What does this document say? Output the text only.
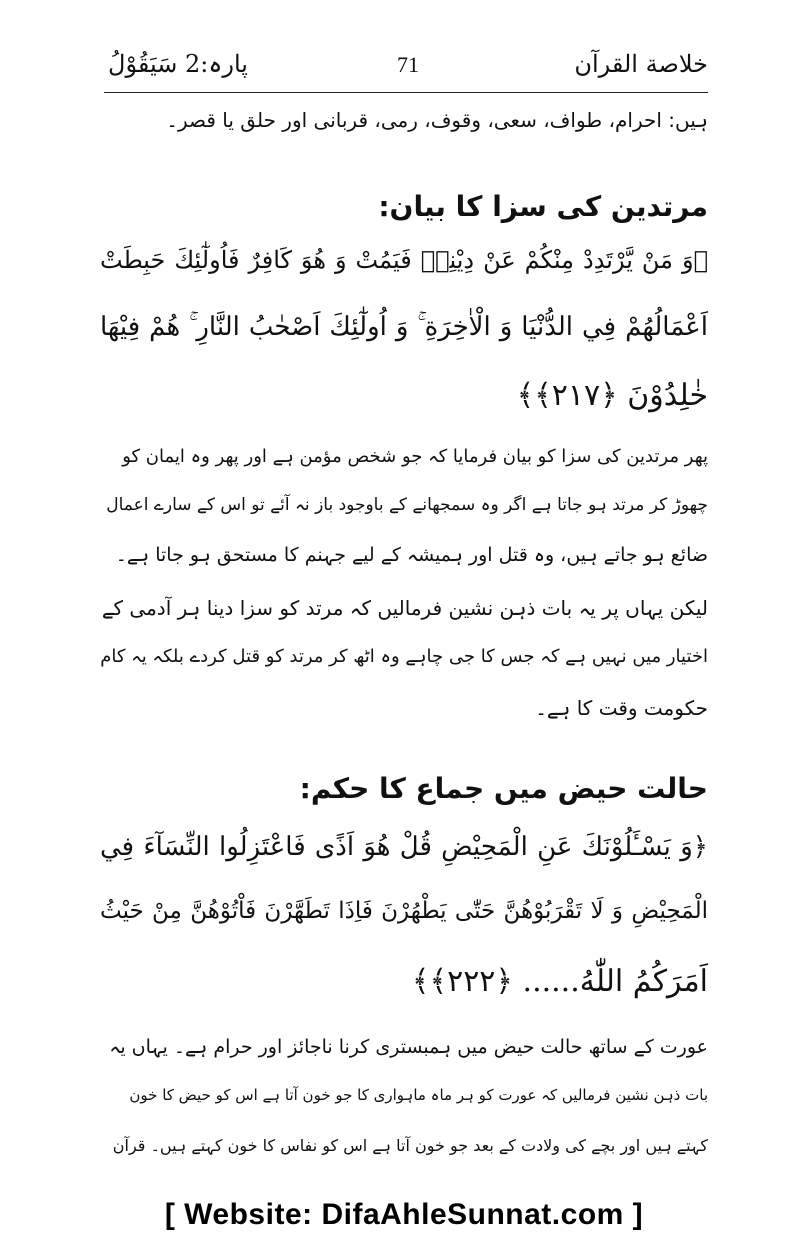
خلاصة القرآن
71
پارہ:2 سَيَقُوْلُ
ہیں: احرام، طواف، سعی، وقوف، رمی، قربانی اور حلق یا قصر۔
مرتدین کی سزا کا بیان:
﴿وَ مَنْ يَّرْتَدِدْ مِنْكُمْ عَنْ دِيْنِهٖ فَيَمُتْ وَ هُوَ كَافِرٌ فَاُولٰٓئِكَ حَبِطَتْ
اَعْمَالُهُمْ فِي الدُّنْيَا وَ الْاٰخِرَةِ ۚ وَ اُولٰٓئِكَ اَصْحٰبُ النَّارِ ۚ هُمْ فِيْهَا
خٰلِدُوْنَ ﴿۲۱۷﴾﴾
پھر مرتدین کی سزا کو بیان فرمایا کہ جو شخص مؤمن ہے اور پھر وہ ایمان کو
چھوڑ کر مرتد ہو جاتا ہے اگر وہ سمجھانے کے باوجود باز نہ آئے تو اس کے سارے اعمال
ضائع ہو جاتے ہیں، وہ قتل اور ہمیشہ کے لیے جہنم کا مستحق ہو جاتا ہے۔
لیکن یہاں پر یہ بات ذہن نشین فرمالیں کہ مرتد کو سزا دینا ہر آدمی کے
اختیار میں نہیں ہے کہ جس کا جی چاہے وہ اٹھ کر مرتد کو قتل کردے بلکہ یہ کام
حکومت وقت کا ہے۔
حالت حیض میں جماع کا حکم:
﴿وَ يَسْـَٔلُوْنَكَ عَنِ الْمَحِيْضِ قُلْ هُوَ اَذًى فَاعْتَزِلُوا النِّسَآءَ فِي
الْمَحِيْضِ وَ لَا تَقْرَبُوْهُنَّ حَتّٰى يَطْهُرْنَ فَاِذَا تَطَهَّرْنَ فَاْتُوْهُنَّ مِنْ حَيْثُ
اَمَرَكُمُ اللّٰهُ...... ﴿۲۲۲﴾﴾
عورت کے ساتھ حالت حیض میں ہمبستری کرنا ناجائز اور حرام ہے۔ یہاں یہ
بات ذہن نشین فرمالیں کہ عورت کو ہر ماہ ماہواری کا جو خون آتا ہے اس کو حیض کا خون
کہتے ہیں اور بچے کی ولادت کے بعد جو خون آتا ہے اس کو نفاس کا خون کہتے ہیں۔ قرآن
[ Website: DifaAhleSunnat.com ]
